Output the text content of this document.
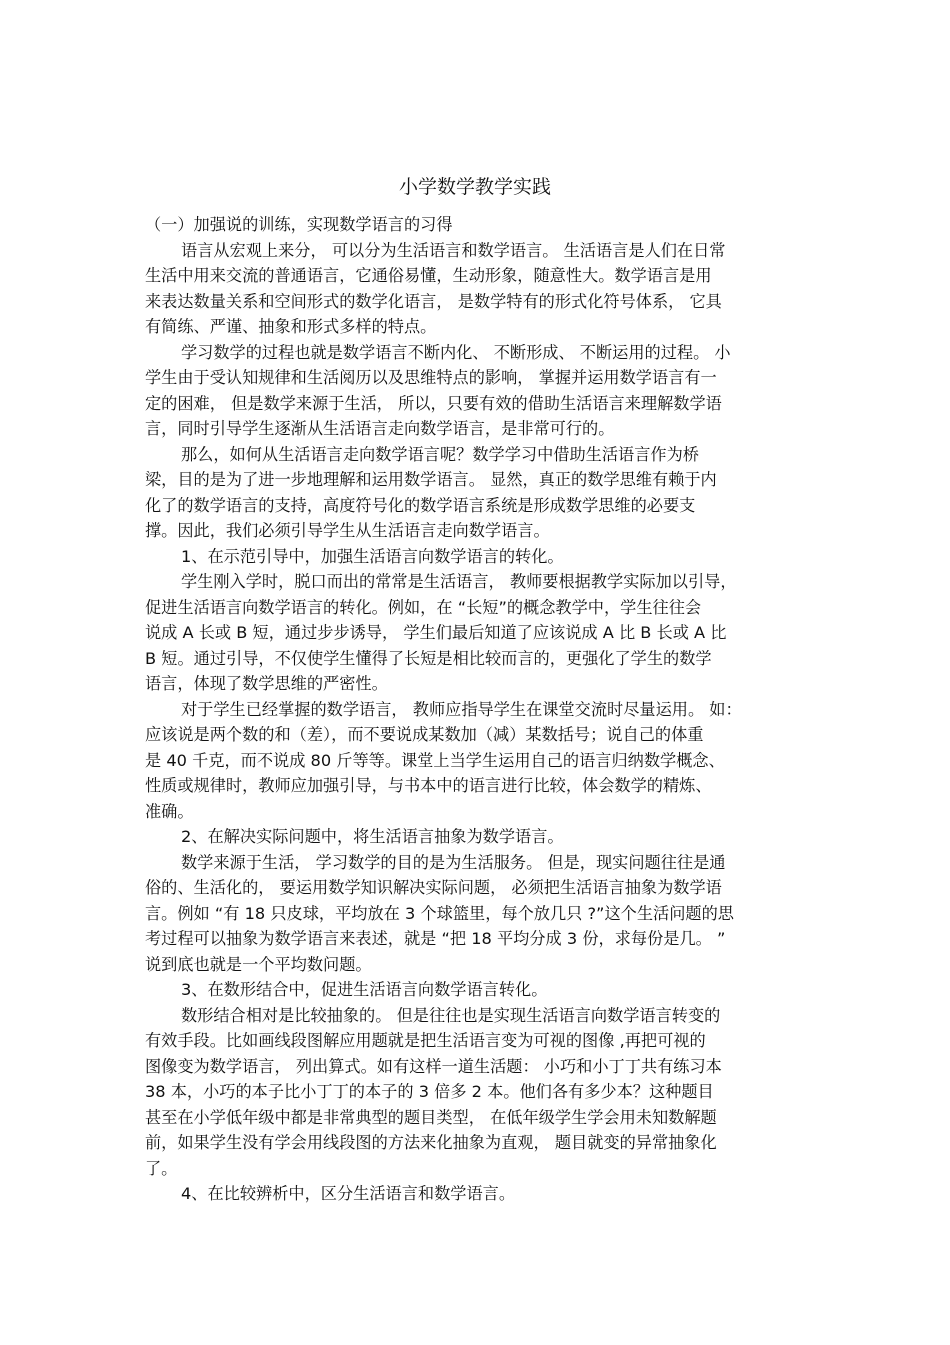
小学数学教学实践
（一）加强说的训练，实现数学语言的习得
语言从宏观上来分， 可以分为生活语言和数学语言。 生活语言是人们在日常
生活中用来交流的普通语言，它通俗易懂，生动形象，随意性大。数学语言是用
来表达数量关系和空间形式的数学化语言， 是数学特有的形式化符号体系， 它具
有简练、严谨、抽象和形式多样的特点。
学习数学的过程也就是数学语言不断内化、 不断形成、 不断运用的过程。 小
学生由于受认知规律和生活阅历以及思维特点的影响， 掌握并运用数学语言有一
定的困难， 但是数学来源于生活， 所以，只要有效的借助生活语言来理解数学语
言，同时引导学生逐渐从生活语言走向数学语言，是非常可行的。
那么，如何从生活语言走向数学语言呢？数学学习中借助生活语言作为桥
梁，目的是为了进一步地理解和运用数学语言。 显然，真正的数学思维有赖于内
化了的数学语言的支持，高度符号化的数学语言系统是形成数学思维的必要支
撑。因此，我们必须引导学生从生活语言走向数学语言。
1、在示范引导中，加强生活语言向数学语言的转化。
学生刚入学时，脱口而出的常常是生活语言， 教师要根据教学实际加以引导，
促进生活语言向数学语言的转化。例如，在 “长短”的概念教学中，学生往往会
说成 A 长或 B 短，通过步步诱导， 学生们最后知道了应该说成 A 比 B 长或 A 比
B 短。通过引导，不仅使学生懂得了长短是相比较而言的，更强化了学生的数学
语言，体现了数学思维的严密性。
对于学生已经掌握的数学语言， 教师应指导学生在课堂交流时尽量运用。 如：
应该说是两个数的和（差），而不要说成某数加（减）某数括号；说自己的体重
是 40 千克，而不说成 80 斤等等。课堂上当学生运用自己的语言归纳数学概念、
性质或规律时，教师应加强引导，与书本中的语言进行比较，体会数学的精炼、
准确。
2、在解决实际问题中，将生活语言抽象为数学语言。
数学来源于生活， 学习数学的目的是为生活服务。 但是，现实问题往往是通
俗的、生活化的， 要运用数学知识解决实际问题， 必须把生活语言抽象为数学语
言。例如 “有 18 只皮球，平均放在 3 个球篮里，每个放几只 ?”这个生活问题的思
考过程可以抽象为数学语言来表述，就是 “把 18 平均分成 3 份，求每份是几。 ”
说到底也就是一个平均数问题。
3、在数形结合中，促进生活语言向数学语言转化。
数形结合相对是比较抽象的。 但是往往也是实现生活语言向数学语言转变的
有效手段。比如画线段图解应用题就是把生活语言变为可视的图像 ,再把可视的
图像变为数学语言， 列出算式。如有这样一道生活题： 小巧和小丁丁共有练习本
38 本，小巧的本子比小丁丁的本子的 3 倍多 2 本。他们各有多少本？这种题目
甚至在小学低年级中都是非常典型的题目类型， 在低年级学生学会用未知数解题
前，如果学生没有学会用线段图的方法来化抽象为直观， 题目就变的异常抽象化
了。
4、在比较辨析中，区分生活语言和数学语言。
